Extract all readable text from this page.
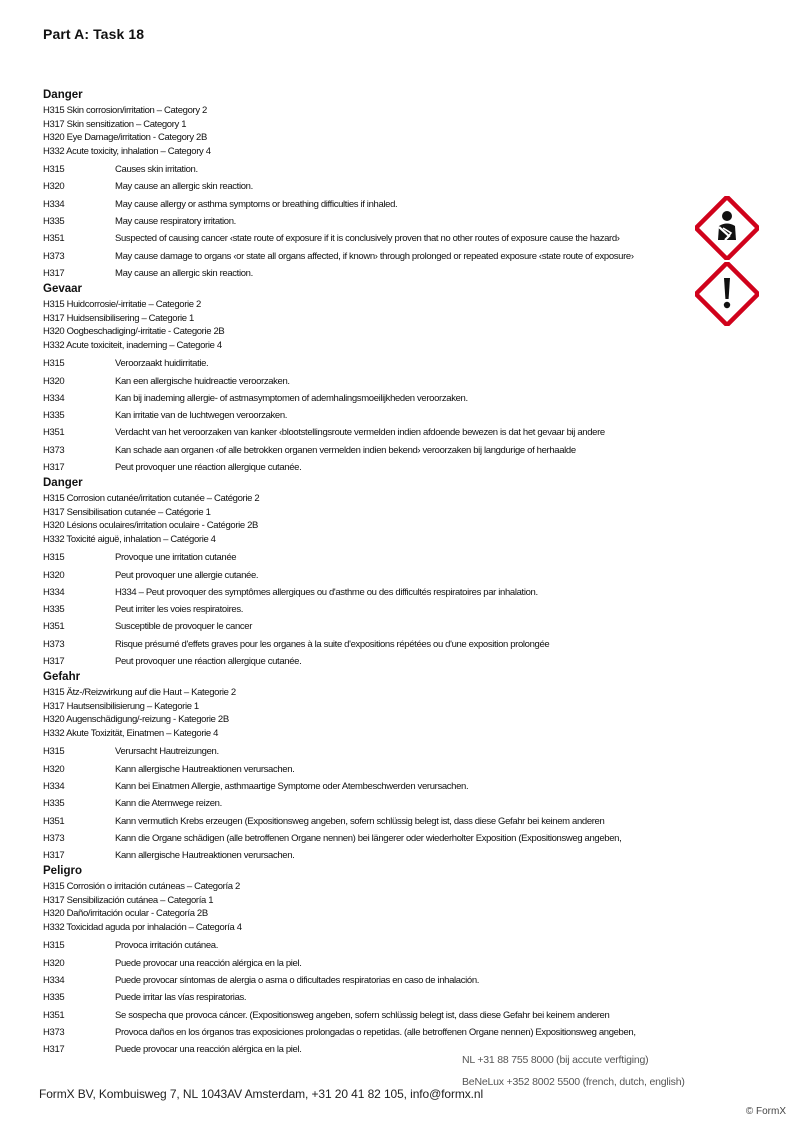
Part A: Task 18
Danger
H315 Skin corrosion/irritation – Category 2
H317 Skin sensitization – Category 1
H320 Eye Damage/irritation - Category 2B
H332 Acute toxicity, inhalation – Category 4
H315	Causes skin irritation.
H320	May cause an allergic skin reaction.
H334	May cause allergy or asthma symptoms or breathing difficulties if inhaled.
H335	May cause respiratory irritation.
H351	Suspected of causing cancer ‹state route of exposure if it is conclusively proven that no other routes of exposure cause the hazard›
H373	May cause damage to organs ‹or state all organs affected, if known› through prolonged or repeated exposure ‹state route of exposure›
H317	May cause an allergic skin reaction.
Gevaar
H315 Huidcorrosie/-irritatie – Categorie 2
H317 Huidsensibilisering – Categorie 1
H320 Oogbeschadiging/-irritatie - Categorie 2B
H332 Acute toxiciteit, inademing – Categorie 4
H315	Veroorzaakt huidirritatie.
H320	Kan een allergische huidreactie veroorzaken.
H334	Kan bij inademing allergie- of astmasymptomen of ademhalingsmoeilijkheden veroorzaken.
H335	Kan irritatie van de luchtwegen veroorzaken.
H351	Verdacht van het veroorzaken van kanker ‹blootstellingsroute vermelden indien afdoende bewezen is dat het gevaar bij andere
H373	Kan schade aan organen ‹of alle betrokken organen vermelden indien bekend› veroorzaken bij langdurige of herhaalde
H317	Peut provoquer une réaction allergique cutanée.
Danger
H315 Corrosion cutanée/irritation cutanée – Catégorie 2
H317 Sensibilisation cutanée – Catégorie 1
H320 Lésions oculaires/irritation oculaire - Catégorie 2B
H332 Toxicité aiguë, inhalation – Catégorie 4
H315	Provoque une irritation cutanée
H320	Peut provoquer une allergie cutanée.
H334	H334 – Peut provoquer des symptômes allergiques ou d'asthme ou des difficultés respiratoires par inhalation.
H335	Peut irriter les voies respiratoires.
H351	Susceptible de provoquer le cancer
H373	Risque présumé d'effets graves pour les organes à la suite d'expositions répétées ou d'une exposition prolongée
H317	Peut provoquer une réaction allergique cutanée.
Gefahr
H315 Ätz-/Reizwirkung auf die Haut – Kategorie 2
H317 Hautsensibilisierung – Kategorie 1
H320 Augenschädigung/-reizung - Kategorie 2B
H332 Akute Toxizität, Einatmen – Kategorie 4
H315	Verursacht Hautreizungen.
H320	Kann allergische Hautreaktionen verursachen.
H334	Kann bei Einatmen Allergie, asthmaartige Symptome oder Atembeschwerden verursachen.
H335	Kann die Atemwege reizen.
H351	Kann vermutlich Krebs erzeugen (Expositionsweg angeben, sofern schlüssig belegt ist, dass diese Gefahr bei keinem anderen
H373	Kann die Organe schädigen (alle betroffenen Organe nennen) bei längerer oder wiederholter Exposition (Expositionsweg angeben,
H317	Kann allergische Hautreaktionen verursachen.
Peligro
H315 Corrosión o irritación cutáneas – Categoría 2
H317 Sensibilización cutánea – Categoría 1
H320 Daño/irritación ocular - Categoría 2B
H332 Toxicidad aguda por inhalación – Categoría 4
H315	Provoca irritación cutánea.
H320	Puede provocar una reacción alérgica en la piel.
H334	Puede provocar síntomas de alergia o asma o dificultades respiratorias en caso de inhalación.
H335	Puede irritar las vías respiratorias.
H351	Se sospecha que provoca cáncer. (Expositionsweg angeben, sofern schlüssig belegt ist, dass diese Gefahr bei keinem anderen
H373	Provoca daños en los órganos tras exposiciones prolongadas o repetidas. (alle betroffenen Organe nennen) Expositionsweg angeben,
H317	Puede provocar una reacción alérgica en la piel.
NL +31 88 755 8000 (bij accute verftiging)
BeNeLux +352 8002 5500 (french, dutch, english)
FormX BV, Kombuisweg 7, NL 1043AV Amsterdam, +31 20 41 82 105, info@formx.nl
© FormX
